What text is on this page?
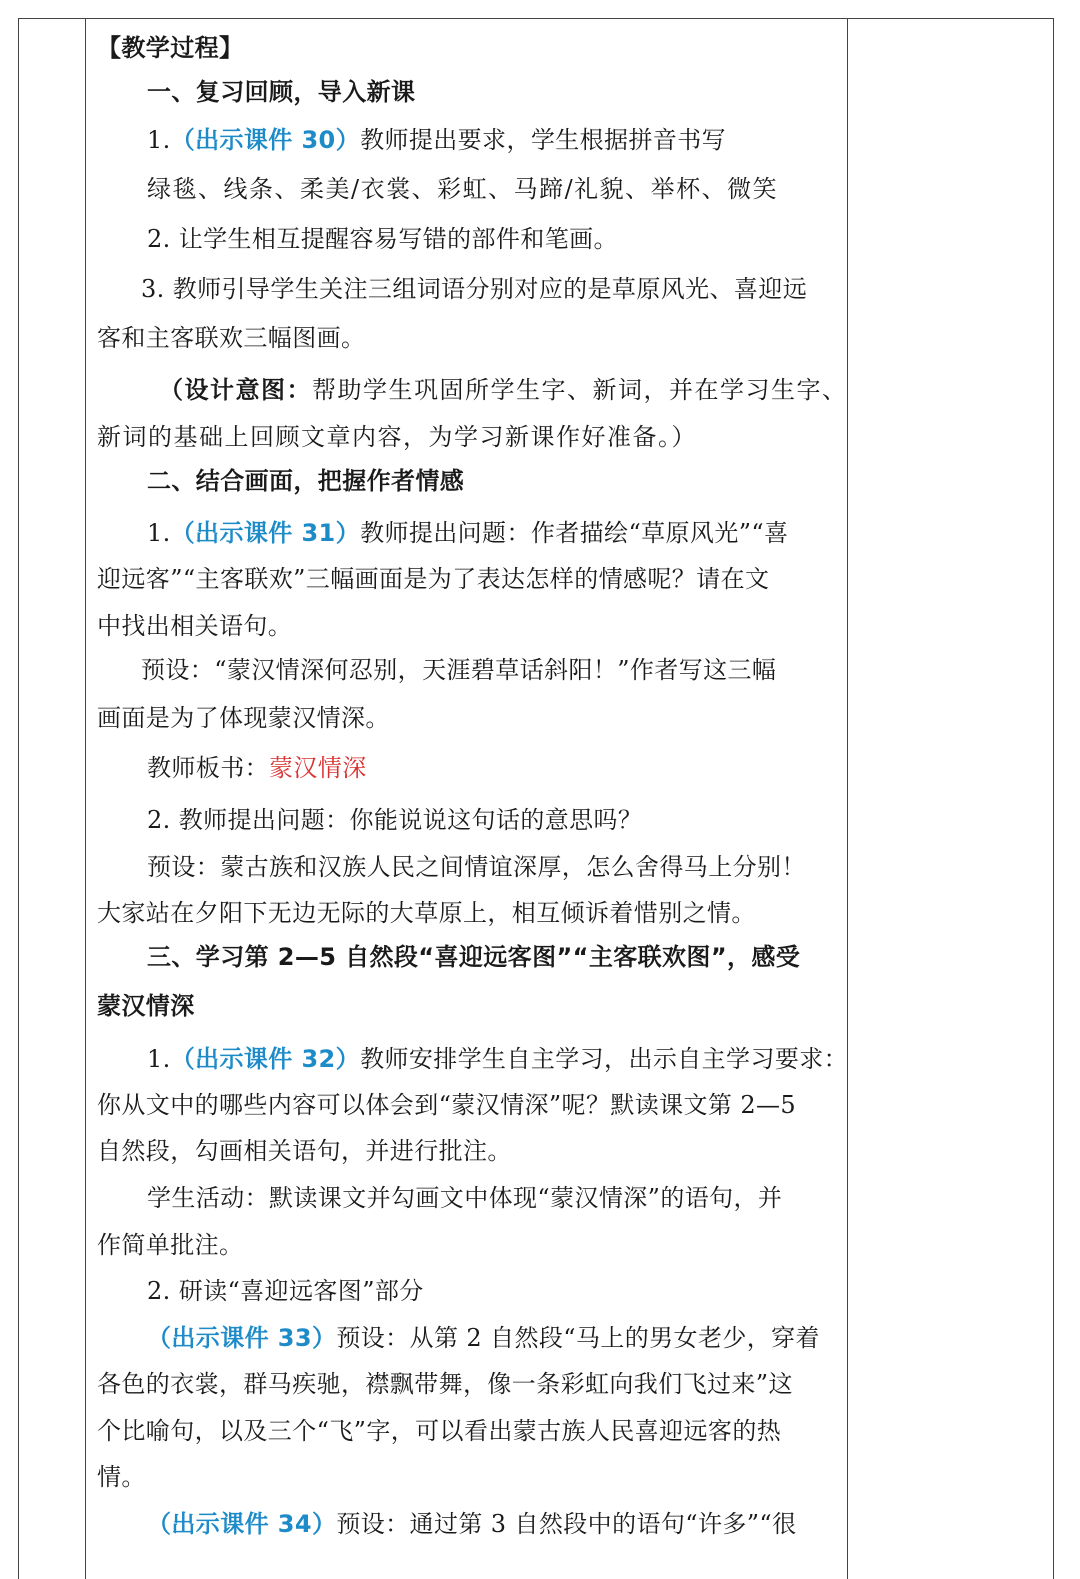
【教学过程】
一、复习回顾，导入新课
1.（出示课件 30）教师提出要求，学生根据拼音书写
绿毯、线条、柔美/衣裳、彩虹、马蹄/礼貌、举杯、微笑
2. 让学生相互提醒容易写错的部件和笔画。
3. 教师引导学生关注三组词语分别对应的是草原风光、喜迎远
客和主客联欢三幅图画。
（设计意图：帮助学生巩固所学生字、新词，并在学习生字、
新词的基础上回顾文章内容，为学习新课作好准备。）
二、结合画面，把握作者情感
1.（出示课件 31）教师提出问题：作者描绘“草原风光”“喜
迎远客”“主客联欢”三幅画面是为了表达怎样的情感呢？请在文
中找出相关语句。
预设：“蒙汉情深何忍别，天涯碧草话斜阳！”作者写这三幅
画面是为了体现蒙汉情深。
教师板书：蒙汉情深
2. 教师提出问题：你能说说这句话的意思吗？
预设：蒙古族和汉族人民之间情谊深厚，怎么舍得马上分别！
大家站在夕阳下无边无际的大草原上，相互倾诉着惜别之情。
三、学习第 2—5 自然段“喜迎远客图”“主客联欢图”，感受
蒙汉情深
1.（出示课件 32）教师安排学生自主学习，出示自主学习要求：
你从文中的哪些内容可以体会到“蒙汉情深”呢？默读课文第 2—5
自然段，勾画相关语句，并进行批注。
学生活动：默读课文并勾画文中体现“蒙汉情深”的语句，并
作简单批注。
2. 研读“喜迎远客图”部分
（出示课件 33）预设：从第 2 自然段“马上的男女老少，穿着
各色的衣裳，群马疾驰，襟飘带舞，像一条彩虹向我们飞过来”这
个比喻句，以及三个“飞”字，可以看出蒙古族人民喜迎远客的热
情。
（出示课件 34）预设：通过第 3 自然段中的语句“许多”“很
